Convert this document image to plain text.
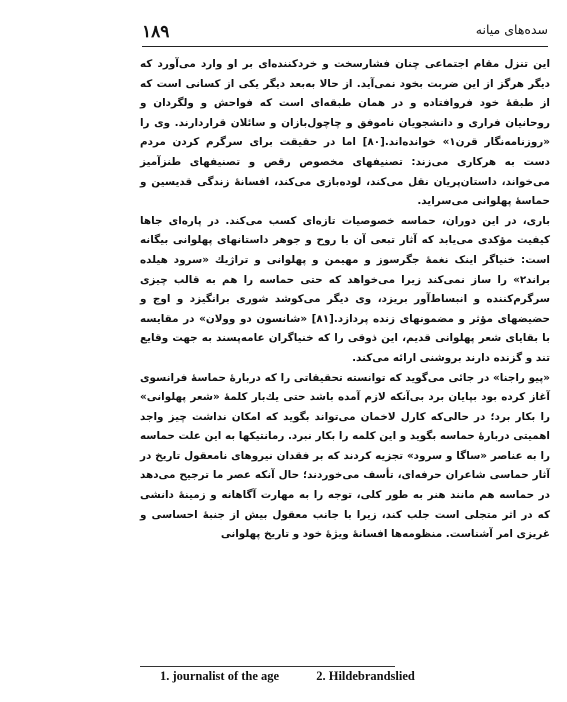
۱۸۹	سده‌های میانه

این تنزل مقام اجتماعی چنان فشارسخت و خردکننده‌ای بر او وارد می‌آورد که دیگر هرگز از این ضربت بخود نمی‌آید. از حالا به‌بعد دیگر یکی از کسانی است که از طبقهٔ خود فروافتاده و در همان طبقه‌ای است که فواحش و ولگردان و روحانیان فراری و دانشجویان ناموفق و چاچول‌بازان و سائلان قراردارند. وی را «روزنامه‌نگار قرن۱» خوانده‌اند.[۸۰] اما در حقیقت برای سرگرم کردن مردم دست به هرکاری می‌زند: تصنیفهای مخصوص رقص و تصنیفهای طنزآمیز می‌خواند، داستان‌پریان نقل می‌کند، لوده‌بازی می‌کند، افسانهٔ زندگی قدیسین و حماسهٔ پهلوانی می‌سراید.

باری، در این دوران، حماسه خصوصیات تازه‌ای کسب می‌کند. در پاره‌ای جاها کیفیت مؤکدی می‌یابد که آثار تبعی آن با روح و جوهر داستانهای پهلوانی بیگانه است: خنیاگر اینک نغمهٔ جگرسوز و مهیمن و پهلوانی و تراژیك «سرود هیلده براند۲» را ساز نمی‌کند زیرا می‌خواهد که حتی حماسه را هم به قالب چیزی سرگرم‌کننده و انبساط‌آور بریزد، وی دیگر می‌کوشد شوری برانگیزد و اوج و حضیضهای مؤثر و مضمونهای زنده پردازد.[۸۱] «شانسون دو وولان» در مقایسه با بقایای شعر پهلوانی قدیم، این ذوقی را که خنیاگران عامه‌پسند به جهت وقایع تند و گزنده دارند بروشنی ارائه می‌کند.

«پیو راجنا» در جائی می‌گوید که توانسته تحقیقاتی را که دربارهٔ حماسهٔ فرانسوی آغاز کرده بود بپایان برد بی‌آنکه لازم آمده باشد حتی یك‌بار کلمهٔ «شعر پهلوانی» را بکار برد؛ در حالی‌که کارل لاخمان می‌تواند بگوید که امکان نداشت چیز واجد اهمیتی دربارهٔ حماسه بگوید و این کلمه را بکار نبرد. رمانتیکها به این علت حماسه را به عناصر «ساگا و سرود» تجزیه کردند که بر فقدان نیروهای نامعقول تاریخ در آثار حماسی شاعران حرفه‌ای، تأسف می‌خوردند؛ حال آنکه عصر ما ترجیح می‌دهد در حماسه هم مانند هنر به طور کلی، توجه را به مهارت آگاهانه و زمینهٔ دانشی که در اثر متجلی است جلب کند، زیرا با جانب معقول بیش از جنبهٔ احساسی و غریزی امر آشناست. منظومه‌ها افسانهٔ ویژهٔ خود و تاریخ پهلوانی

1. journalist of the age	2. Hildebrandslied
